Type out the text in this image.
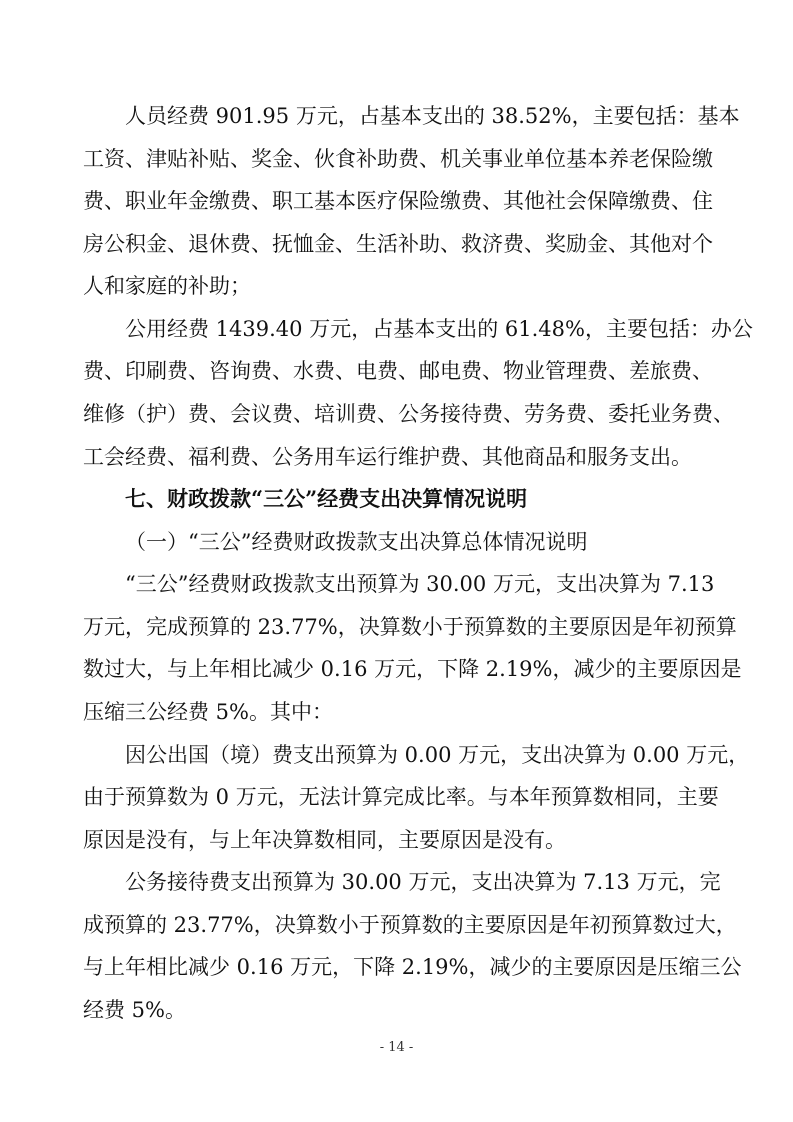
人员经费 901.95 万元，占基本支出的 38.52%，主要包括：基本
工资、津贴补贴、奖金、伙食补助费、机关事业单位基本养老保险缴
费、职业年金缴费、职工基本医疗保险缴费、其他社会保障缴费、住
房公积金、退休费、抚恤金、生活补助、救济费、奖励金、其他对个
人和家庭的补助；
公用经费 1439.40 万元，占基本支出的 61.48%，主要包括：办公
费、印刷费、咨询费、水费、电费、邮电费、物业管理费、差旅费、
维修（护）费、会议费、培训费、公务接待费、劳务费、委托业务费、
工会经费、福利费、公务用车运行维护费、其他商品和服务支出。
七、财政拨款“三公”经费支出决算情况说明
（一）“三公”经费财政拨款支出决算总体情况说明
“三公”经费财政拨款支出预算为 30.00 万元，支出决算为 7.13
万元，完成预算的 23.77%，决算数小于预算数的主要原因是年初预算
数过大，与上年相比减少 0.16 万元，下降 2.19%，减少的主要原因是
压缩三公经费 5%。其中：
因公出国（境）费支出预算为 0.00 万元，支出决算为 0.00 万元，
由于预算数为 0 万元，无法计算完成比率。与本年预算数相同，主要
原因是没有，与上年决算数相同，主要原因是没有。
公务接待费支出预算为 30.00 万元，支出决算为 7.13 万元，完
成预算的 23.77%，决算数小于预算数的主要原因是年初预算数过大，
与上年相比减少 0.16 万元，下降 2.19%，减少的主要原因是压缩三公
经费 5%。
- 14 -
